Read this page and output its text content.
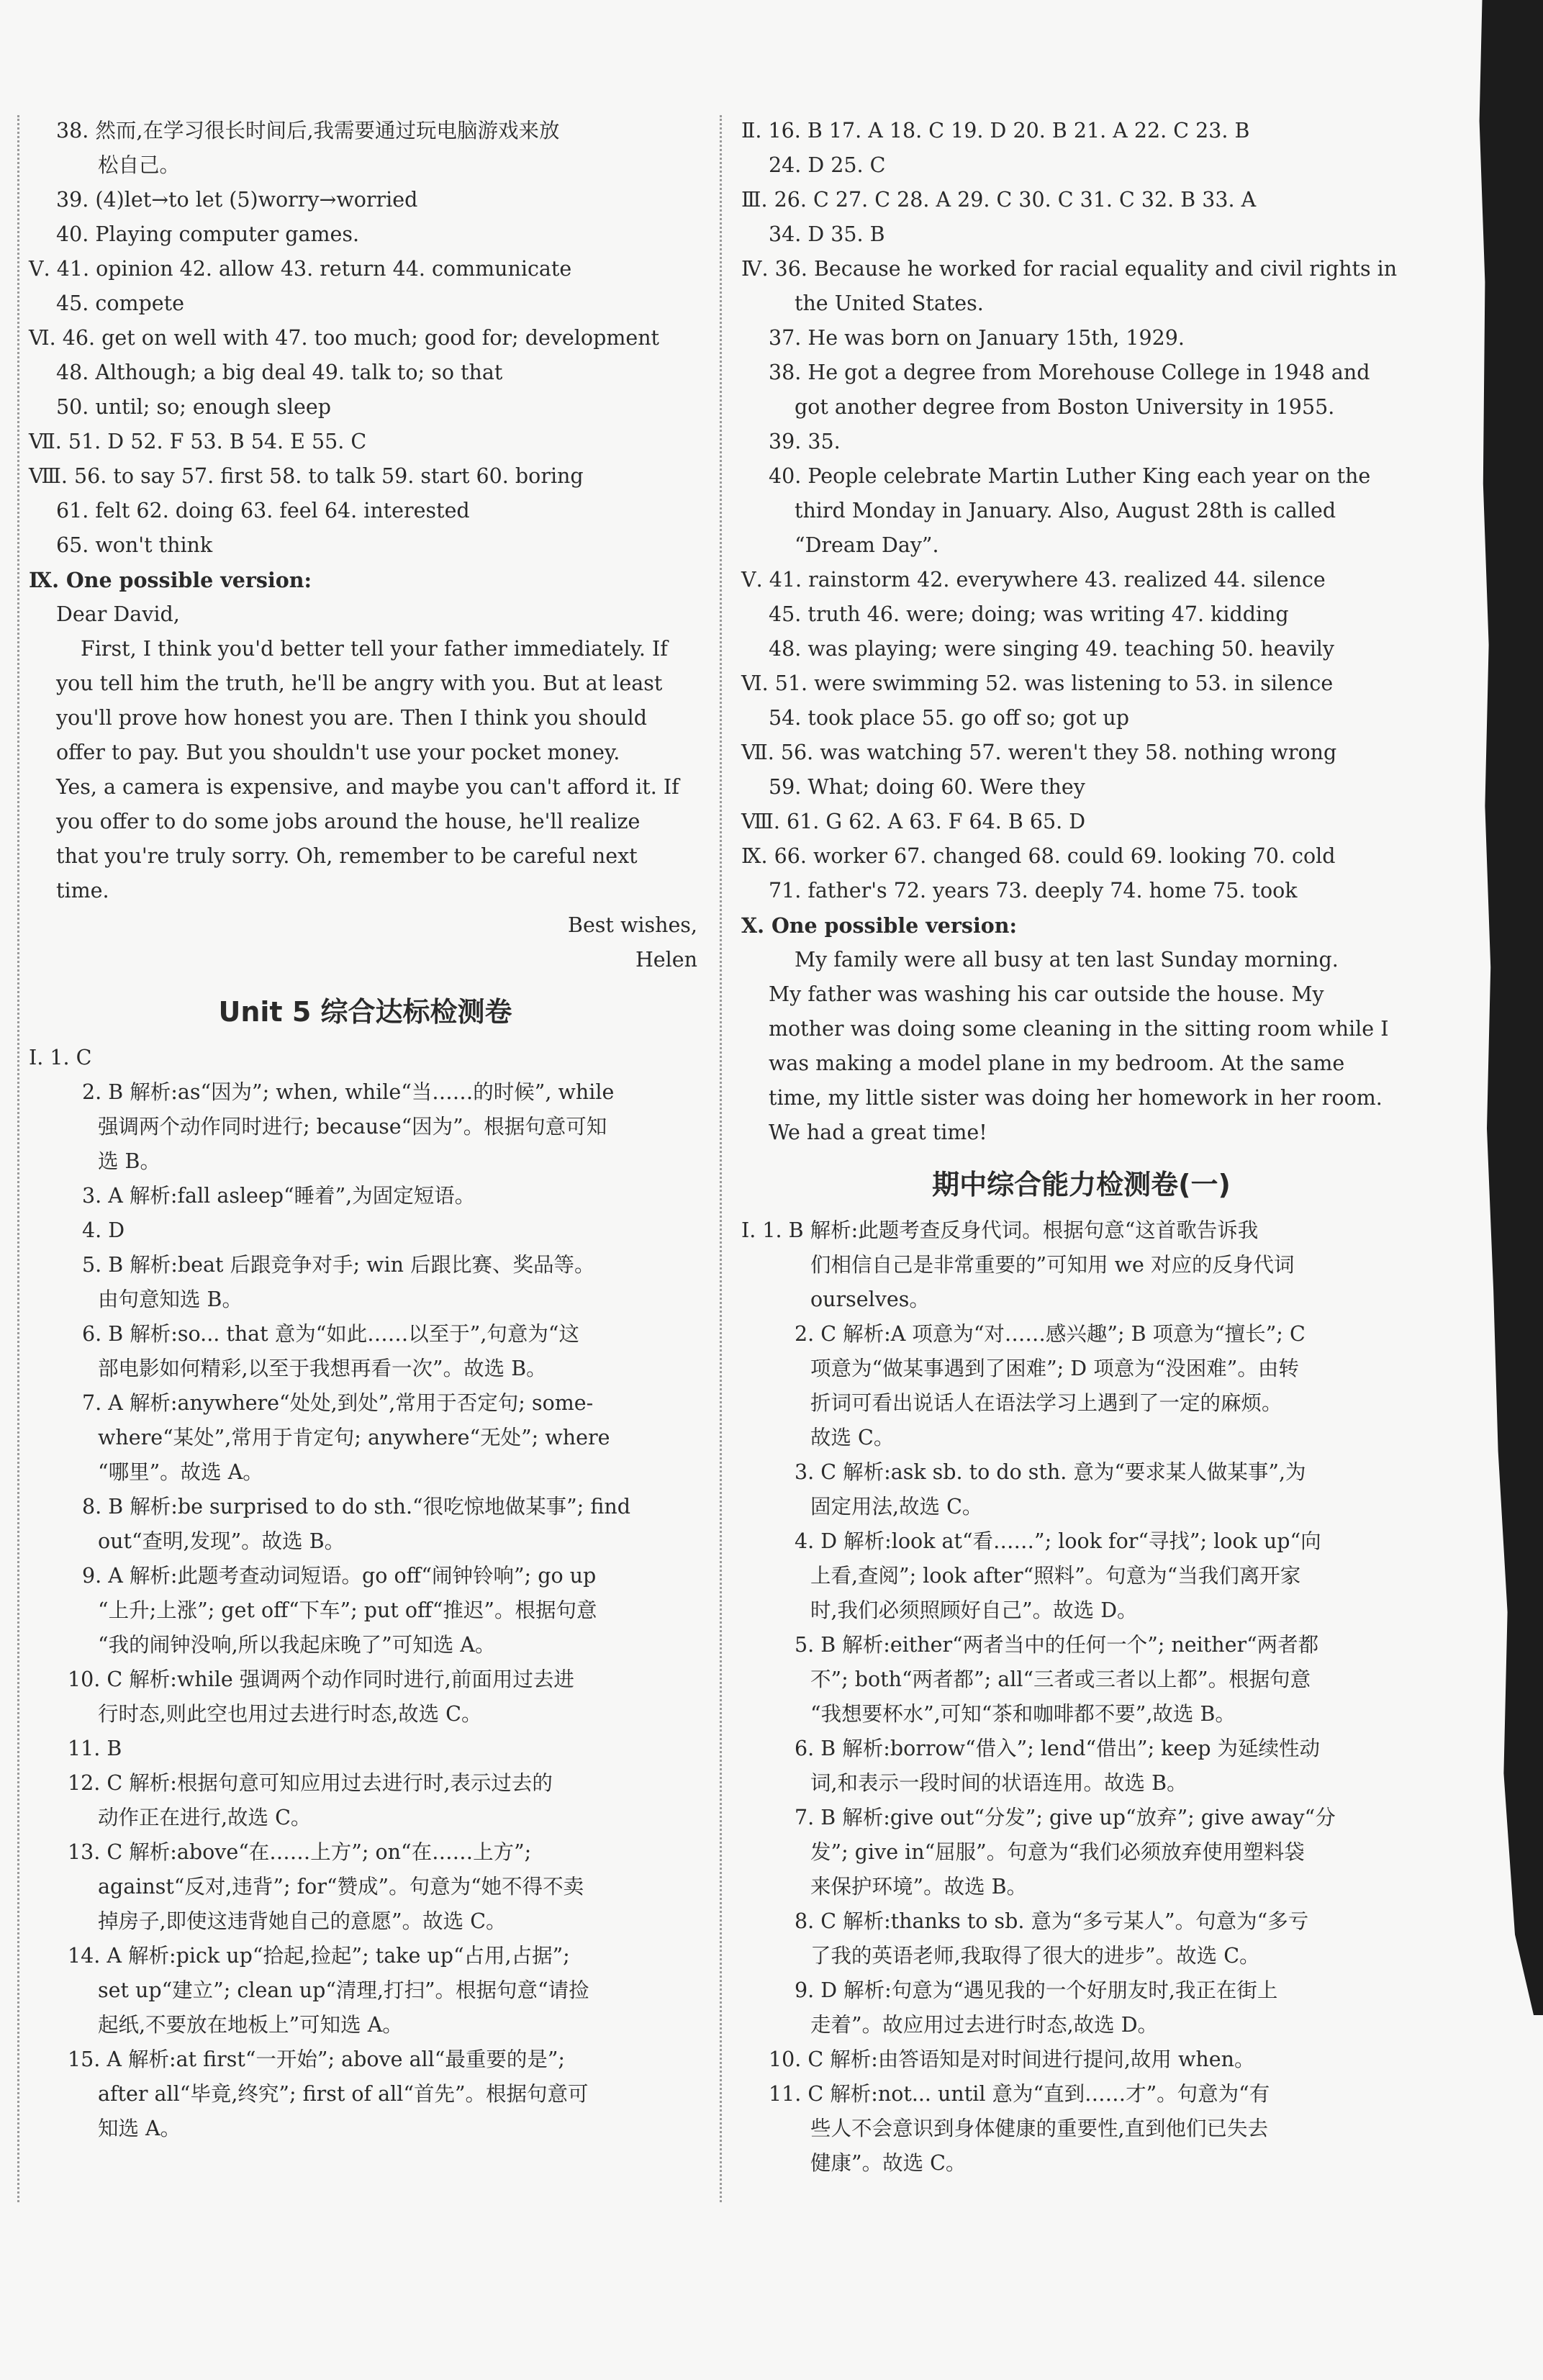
38. 然而,在学习很长时间后,我需要通过玩电脑游戏来放
松自己。
39. (4)let→to let (5)worry→worried
40. Playing computer games.
Ⅴ. 41. opinion 42. allow 43. return 44. communicate
45. compete
Ⅵ. 46. get on well with 47. too much; good for; development
48. Although; a big deal 49. talk to; so that
50. until; so; enough sleep
Ⅶ. 51. D 52. F 53. B 54. E 55. C
Ⅷ. 56. to say 57. first 58. to talk 59. start 60. boring
61. felt 62. doing 63. feel 64. interested
65. won't think
Ⅸ. One possible version:
Dear David,
First, I think you'd better tell your father immediately. If
you tell him the truth, he'll be angry with you. But at least
you'll prove how honest you are. Then I think you should
offer to pay. But you shouldn't use your pocket money.
Yes, a camera is expensive, and maybe you can't afford it. If
you offer to do some jobs around the house, he'll realize
that you're truly sorry. Oh, remember to be careful next
time.
Best wishes,
Helen
Unit 5 综合达标检测卷
Ⅰ. 1. C
2. B 解析:as“因为”; when, while“当……的时候”, while
强调两个动作同时进行; because“因为”。根据句意可知
选 B。
3. A 解析:fall asleep“睡着”,为固定短语。
4. D
5. B 解析:beat 后跟竞争对手; win 后跟比赛、奖品等。
由句意知选 B。
6. B 解析:so... that 意为“如此……以至于”,句意为“这
部电影如何精彩,以至于我想再看一次”。故选 B。
7. A 解析:anywhere“处处,到处”,常用于否定句; some-
where“某处”,常用于肯定句; anywhere“无处”; where
“哪里”。故选 A。
8. B 解析:be surprised to do sth.“很吃惊地做某事”; find
out“查明,发现”。故选 B。
9. A 解析:此题考查动词短语。go off“闹钟铃响”; go up
“上升;上涨”; get off“下车”; put off“推迟”。根据句意
“我的闹钟没响,所以我起床晚了”可知选 A。
10. C 解析:while 强调两个动作同时进行,前面用过去进
行时态,则此空也用过去进行时态,故选 C。
11. B
12. C 解析:根据句意可知应用过去进行时,表示过去的
动作正在进行,故选 C。
13. C 解析:above“在……上方”; on“在……上方”;
against“反对,违背”; for“赞成”。句意为“她不得不卖
掉房子,即使这违背她自己的意愿”。故选 C。
14. A 解析:pick up“拾起,捡起”; take up“占用,占据”;
set up“建立”; clean up“清理,打扫”。根据句意“请捡
起纸,不要放在地板上”可知选 A。
15. A 解析:at first“一开始”; above all“最重要的是”;
after all“毕竟,终究”; first of all“首先”。根据句意可
知选 A。
Ⅱ. 16. B 17. A 18. C 19. D 20. B 21. A 22. C 23. B
24. D 25. C
Ⅲ. 26. C 27. C 28. A 29. C 30. C 31. C 32. B 33. A
34. D 35. B
Ⅳ. 36. Because he worked for racial equality and civil rights in
the United States.
37. He was born on January 15th, 1929.
38. He got a degree from Morehouse College in 1948 and
got another degree from Boston University in 1955.
39. 35.
40. People celebrate Martin Luther King each year on the
third Monday in January. Also, August 28th is called
“Dream Day”.
Ⅴ. 41. rainstorm 42. everywhere 43. realized 44. silence
45. truth 46. were; doing; was writing 47. kidding
48. was playing; were singing 49. teaching 50. heavily
Ⅵ. 51. were swimming 52. was listening to 53. in silence
54. took place 55. go off so; got up
Ⅶ. 56. was watching 57. weren't they 58. nothing wrong
59. What; doing 60. Were they
Ⅷ. 61. G 62. A 63. F 64. B 65. D
Ⅸ. 66. worker 67. changed 68. could 69. looking 70. cold
71. father's 72. years 73. deeply 74. home 75. took
Ⅹ. One possible version:
My family were all busy at ten last Sunday morning.
My father was washing his car outside the house. My
mother was doing some cleaning in the sitting room while I
was making a model plane in my bedroom. At the same
time, my little sister was doing her homework in her room.
We had a great time!
期中综合能力检测卷(一)
Ⅰ. 1. B 解析:此题考查反身代词。根据句意“这首歌告诉我
们相信自己是非常重要的”可知用 we 对应的反身代词
ourselves。
2. C 解析:A 项意为“对……感兴趣”; B 项意为“擅长”; C
项意为“做某事遇到了困难”; D 项意为“没困难”。由转
折词可看出说话人在语法学习上遇到了一定的麻烦。
故选 C。
3. C 解析:ask sb. to do sth. 意为“要求某人做某事”,为
固定用法,故选 C。
4. D 解析:look at“看……”; look for“寻找”; look up“向
上看,查阅”; look after“照料”。句意为“当我们离开家
时,我们必须照顾好自己”。故选 D。
5. B 解析:either“两者当中的任何一个”; neither“两者都
不”; both“两者都”; all“三者或三者以上都”。根据句意
“我想要杯水”,可知“茶和咖啡都不要”,故选 B。
6. B 解析:borrow“借入”; lend“借出”; keep 为延续性动
词,和表示一段时间的状语连用。故选 B。
7. B 解析:give out“分发”; give up“放弃”; give away“分
发”; give in“屈服”。句意为“我们必须放弃使用塑料袋
来保护环境”。故选 B。
8. C 解析:thanks to sb. 意为“多亏某人”。句意为“多亏
了我的英语老师,我取得了很大的进步”。故选 C。
9. D 解析:句意为“遇见我的一个好朋友时,我正在街上
走着”。故应用过去进行时态,故选 D。
10. C 解析:由答语知是对时间进行提问,故用 when。
11. C 解析:not... until 意为“直到……才”。句意为“有
些人不会意识到身体健康的重要性,直到他们已失去
健康”。故选 C。
